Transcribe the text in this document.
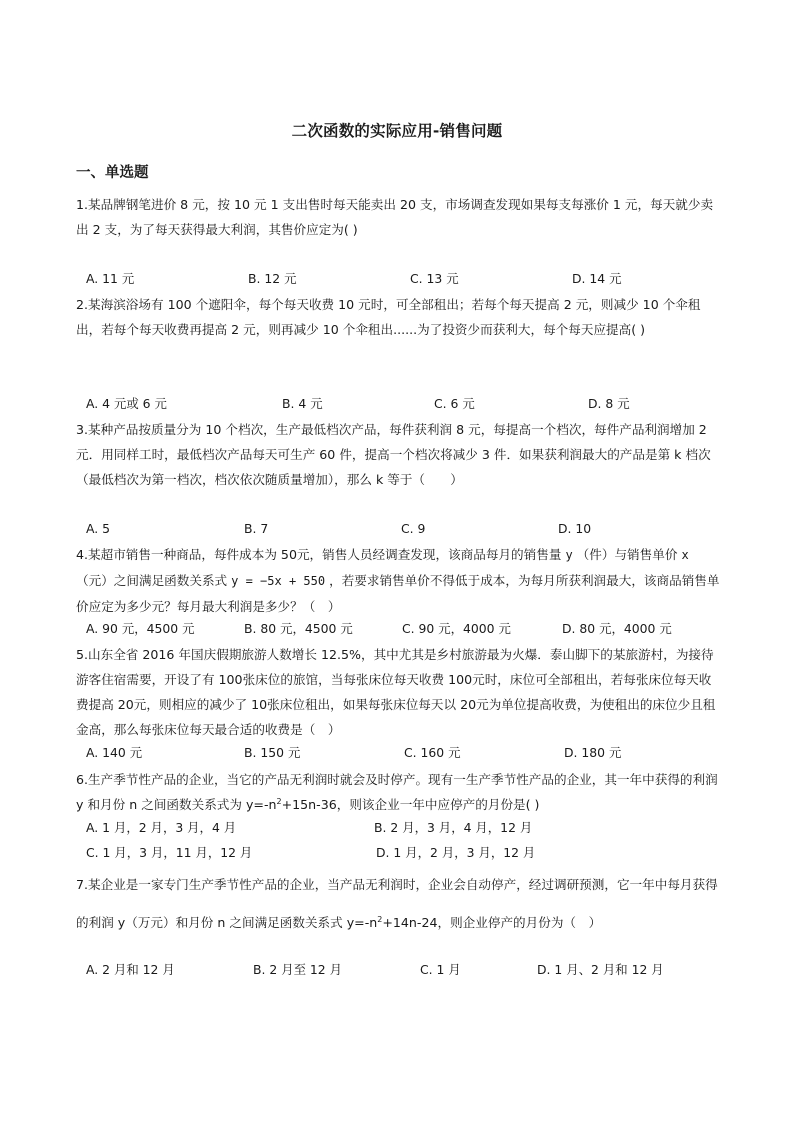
二次函数的实际应用-销售问题
一、单选题
1.某品牌钢笔进价 8 元，按 10 元 1 支出售时每天能卖出 20 支，市场调查发现如果每支每涨价 1 元，每天就少卖出 2 支，为了每天获得最大利润，其售价应定为( )
A. 11 元	B. 12 元	C. 13 元	D. 14 元
2.某海滨浴场有 100 个遮阳伞，每个每天收费 10 元时，可全部租出；若每个每天提高 2 元，则减少 10 个伞租出，若每个每天收费再提高 2 元，则再减少 10 个伞租出......为了投资少而获利大，每个每天应提高( )
A. 4 元或 6 元	B. 4 元	C. 6 元	D. 8 元
3.某种产品按质量分为 10 个档次，生产最低档次产品，每件获利润 8 元，每提高一个档次，每件产品利润增加 2 元．用同样工时，最低档次产品每天可生产 60 件，提高一个档次将减少 3 件．如果获利润最大的产品是第 k 档次（最低档次为第一档次，档次依次随质量增加），那么 k 等于（　　）
A. 5	B. 7	C. 9	D. 10
4.某超市销售一种商品，每件成本为 50元，销售人员经调查发现，该商品每月的销售量 y （件）与销售单价 x （元）之间满足函数关系式 y = −5x + 550 ，若要求销售单价不得低于成本，为每月所获利润最大，该商品销售单价应定为多少元？每月最大利润是多少？（　）
A. 90 元，4500 元	B. 80 元，4500 元	C. 90 元，4000 元	D. 80 元，4000 元
5.山东全省 2016 年国庆假期旅游人数增长 12.5%，其中尤其是乡村旅游最为火爆．泰山脚下的某旅游村，为接待游客住宿需要，开设了有 100张床位的旅馆，当每张床位每天收费 100元时，床位可全部租出，若每张床位每天收费提高 20元，则相应的减少了 10张床位租出，如果每张床位每天以 20元为单位提高收费，为使租出的床位少且租金高，那么每张床位每天最合适的收费是（　）
A. 140 元	B. 150 元	C. 160 元	D. 180 元
6.生产季节性产品的企业，当它的产品无利润时就会及时停产。现有一生产季节性产品的企业，其一年中获得的利润 y 和月份 n 之间函数关系式为 $y=-n^2+15n-36$，则该企业一年中应停产的月份是( )
A. 1 月，2 月，3 月，4 月	B. 2 月，3 月，4 月，12 月
C. 1 月，3 月，11 月，12 月	D. 1 月，2 月，3 月，12 月
7.某企业是一家专门生产季节性产品的企业，当产品无利润时，企业会自动停产，经过调研预测，它一年中每月获得的利润 y（万元）和月份 n 之间满足函数关系式 $y=-n^2+14n-24$，则企业停产的月份为（　）
A. 2 月和 12 月	B. 2 月至 12 月	C. 1 月	D. 1 月、2 月和 12 月
